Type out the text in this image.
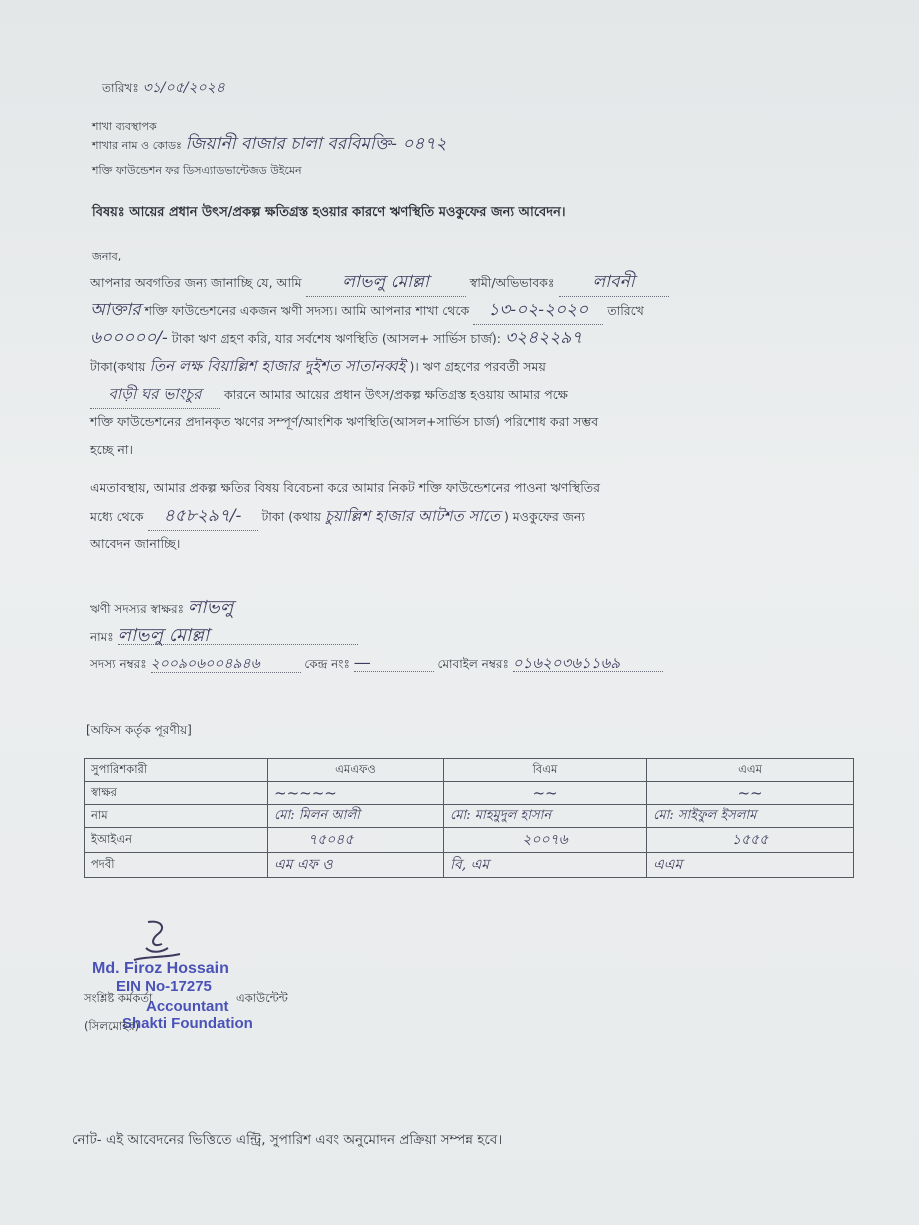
তারিখঃ ৩১/০৫/২০২৪
শাখা ব্যবস্থাপক
শাখার নাম ও কোডঃ জিয়ানী বাজার চালা বরবিমক্তি- ০৪৭২
শক্তি ফাউন্ডেশন ফর ডিসএ্যাডভান্টেজড উইমেন
বিষয়ঃ আয়ের প্রধান উৎস/প্রকল্প ক্ষতিগ্রস্ত হওয়ার কারণে ঋণস্থিতি মওকুফের জন্য আবেদন।
জনাব,
আপনার অবগতির জন্য জানাচ্ছি যে, আমি লাভলু মোল্লা	স্বামী/অভিভাবকঃ লাবনী
আক্তার শক্তি ফাউন্ডেশনের একজন ঋণী সদস্য। আমি আপনার শাখা থেকে ১৩-০২-২০২০ তারিখে
৬০০০০০/- টাকা ঋণ গ্রহণ করি, যার সর্বশেষ ঋণস্থিতি (আসল+ সার্ভিস চার্জ): ৩২৪২২৯৭
টাকা(কথায় তিন লক্ষ বিয়াল্লিশ হাজার দুইশত সাতানব্বই )। ঋণ গ্রহণের পরবর্তী সময়
বাড়ী ঘর ভাংচুর কারনে আমার আয়ের প্রধান উৎস/প্রকল্প ক্ষতিগ্রস্ত হওয়ায় আমার পক্ষে
শক্তি ফাউন্ডেশনের প্রদানকৃত ঋণের সম্পূর্ণ/আংশিক ঋণস্থিতি(আসল+সার্ভিস চার্জ) পরিশোধ করা সম্ভব
হচ্ছে না।
এমতাবস্থায়, আমার প্রকল্প ক্ষতির বিষয় বিবেচনা করে আমার নিকট শক্তি ফাউন্ডেশনের পাওনা ঋণস্থিতির
মধ্যে থেকে ৪৫৮২৯৭/- টাকা (কথায় চুয়াল্লিশ হাজার আটশত সাতে ) মওকুফের জন্য
আবেদন জানাচ্ছি।
ঋণী সদস্যর স্বাক্ষরঃ লাভলু
নামঃ লাভলু মোল্লা
সদস্য নম্বরঃ ২০০৯০৬০০৪৯৪৬	কেন্দ্র নংঃ —	মোবাইল নম্বরঃ ০১৬২০৩৬১১৬৯
[অফিস কর্তৃক পূরণীয়]
সুপারিশকারী	এমএফও	বিএম	এএম
স্বাক্ষর	~~~~~	~~	~~
নাম	মো: মিলন আলী	মো: মাহমুদুল হাসান	মো: সাইফুল ইসলাম
ইআইএন	৭৫০৪৫	২০০৭৬	১৫৫৫
পদবী	এম এফ ও	বি, এম	এএম
Md. Firoz Hossain
EIN No-17275
Accountant
Shakti Foundation
সংশ্লিষ্ট কর্মকর্তা	একাউন্টেন্ট
(সিলমোহর)
নোট- এই আবেদনের ভিত্তিতে এন্ট্রি, সুপারিশ এবং অনুমোদন প্রক্রিয়া সম্পন্ন হবে।
